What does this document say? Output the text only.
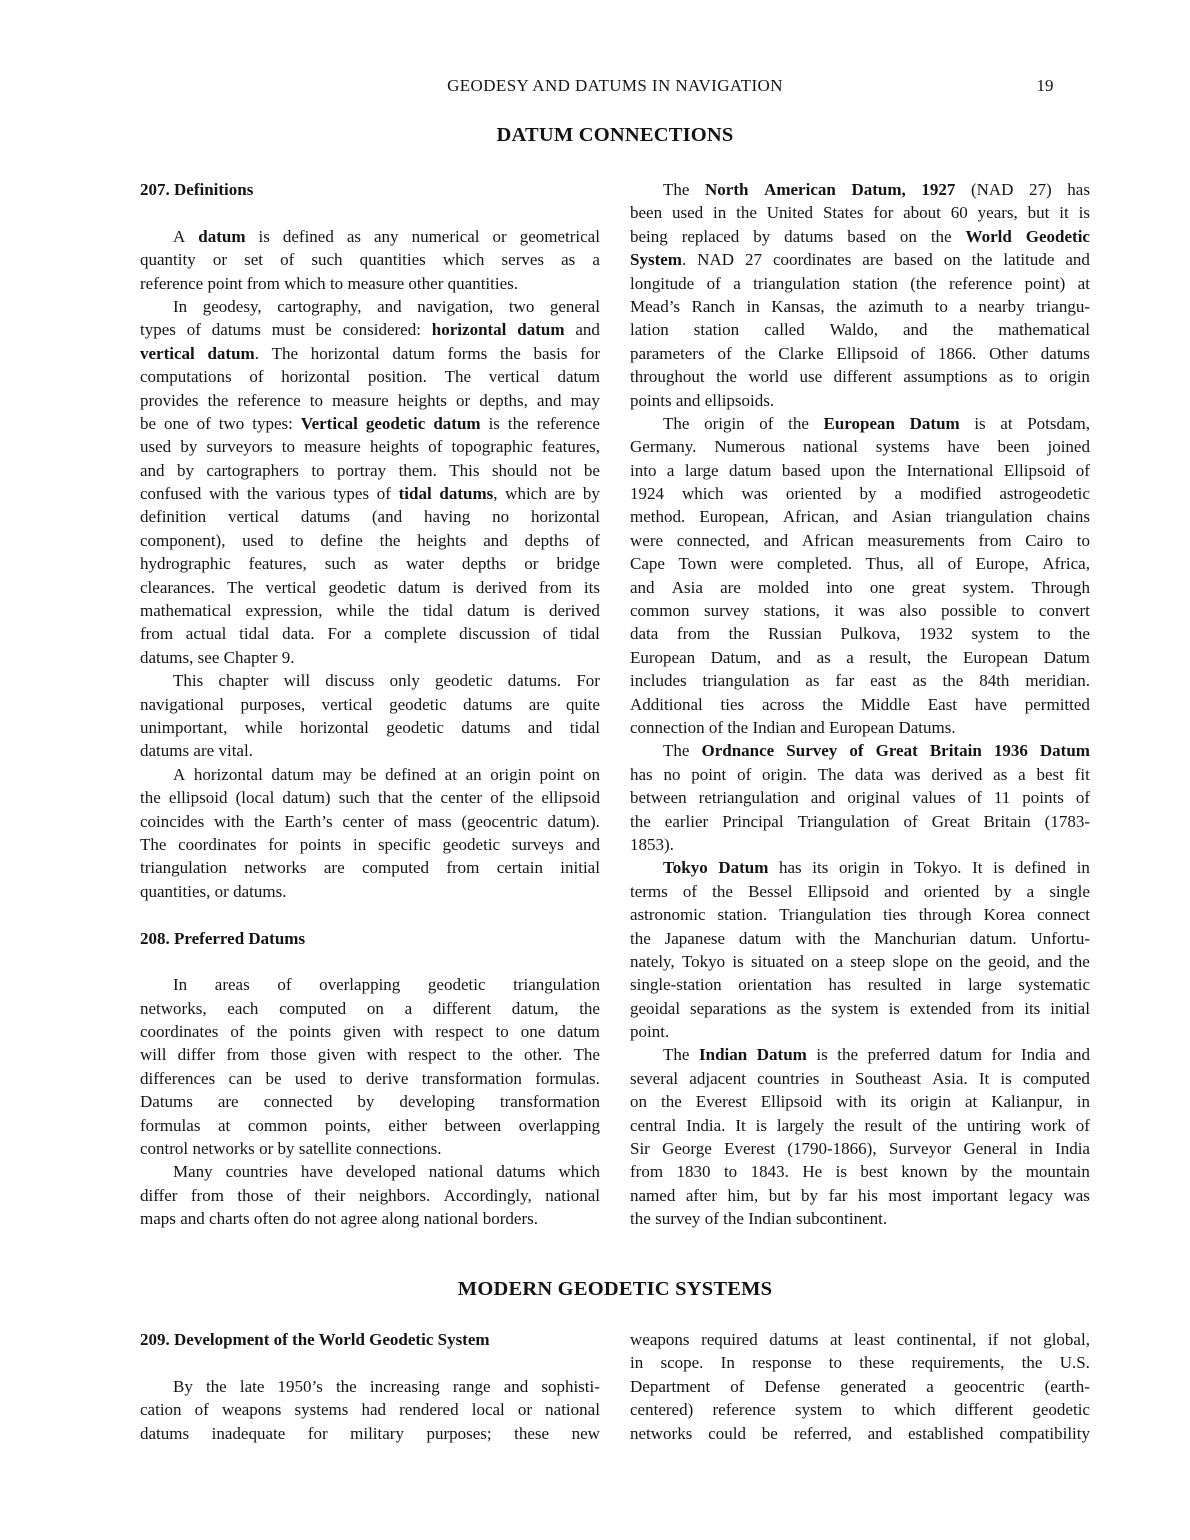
GEODESY AND DATUMS IN NAVIGATION	19
DATUM CONNECTIONS
207. Definitions
A datum is defined as any numerical or geometrical
quantity or set of such quantities which serves as a
reference point from which to measure other quantities.
In geodesy, cartography, and navigation, two general
types of datums must be considered: horizontal datum and
vertical datum. The horizontal datum forms the basis for
computations of horizontal position. The vertical datum
provides the reference to measure heights or depths, and may
be one of two types: Vertical geodetic datum is the reference
used by surveyors to measure heights of topographic features,
and by cartographers to portray them. This should not be
confused with the various types of tidal datums, which are by
definition vertical datums (and having no horizontal
component), used to define the heights and depths of
hydrographic features, such as water depths or bridge
clearances. The vertical geodetic datum is derived from its
mathematical expression, while the tidal datum is derived
from actual tidal data. For a complete discussion of tidal
datums, see Chapter 9.
This chapter will discuss only geodetic datums. For
navigational purposes, vertical geodetic datums are quite
unimportant, while horizontal geodetic datums and tidal
datums are vital.
A horizontal datum may be defined at an origin point on
the ellipsoid (local datum) such that the center of the ellipsoid
coincides with the Earth’s center of mass (geocentric datum).
The coordinates for points in specific geodetic surveys and
triangulation networks are computed from certain initial
quantities, or datums.
208. Preferred Datums
In areas of overlapping geodetic triangulation
networks, each computed on a different datum, the
coordinates of the points given with respect to one datum
will differ from those given with respect to the other. The
differences can be used to derive transformation formulas.
Datums are connected by developing transformation
formulas at common points, either between overlapping
control networks or by satellite connections.
Many countries have developed national datums which
differ from those of their neighbors. Accordingly, national
maps and charts often do not agree along national borders.
The North American Datum, 1927 (NAD 27) has
been used in the United States for about 60 years, but it is
being replaced by datums based on the World Geodetic
System. NAD 27 coordinates are based on the latitude and
longitude of a triangulation station (the reference point) at
Mead’s Ranch in Kansas, the azimuth to a nearby triangu-
lation station called Waldo, and the mathematical
parameters of the Clarke Ellipsoid of 1866. Other datums
throughout the world use different assumptions as to origin
points and ellipsoids.
The origin of the European Datum is at Potsdam,
Germany. Numerous national systems have been joined
into a large datum based upon the International Ellipsoid of
1924 which was oriented by a modified astrogeodetic
method. European, African, and Asian triangulation chains
were connected, and African measurements from Cairo to
Cape Town were completed. Thus, all of Europe, Africa,
and Asia are molded into one great system. Through
common survey stations, it was also possible to convert
data from the Russian Pulkova, 1932 system to the
European Datum, and as a result, the European Datum
includes triangulation as far east as the 84th meridian.
Additional ties across the Middle East have permitted
connection of the Indian and European Datums.
The Ordnance Survey of Great Britain 1936 Datum
has no point of origin. The data was derived as a best fit
between retriangulation and original values of 11 points of
the earlier Principal Triangulation of Great Britain (1783-
1853).
Tokyo Datum has its origin in Tokyo. It is defined in
terms of the Bessel Ellipsoid and oriented by a single
astronomic station. Triangulation ties through Korea connect
the Japanese datum with the Manchurian datum. Unfortu-
nately, Tokyo is situated on a steep slope on the geoid, and the
single-station orientation has resulted in large systematic
geoidal separations as the system is extended from its initial
point.
The Indian Datum is the preferred datum for India and
several adjacent countries in Southeast Asia. It is computed
on the Everest Ellipsoid with its origin at Kalianpur, in
central India. It is largely the result of the untiring work of
Sir George Everest (1790-1866), Surveyor General in India
from 1830 to 1843. He is best known by the mountain
named after him, but by far his most important legacy was
the survey of the Indian subcontinent.
MODERN GEODETIC SYSTEMS
209. Development of the World Geodetic System
By the late 1950’s the increasing range and sophisti-
cation of weapons systems had rendered local or national
datums inadequate for military purposes; these new
weapons required datums at least continental, if not global,
in scope. In response to these requirements, the U.S.
Department of Defense generated a geocentric (earth-
centered) reference system to which different geodetic
networks could be referred, and established compatibility
